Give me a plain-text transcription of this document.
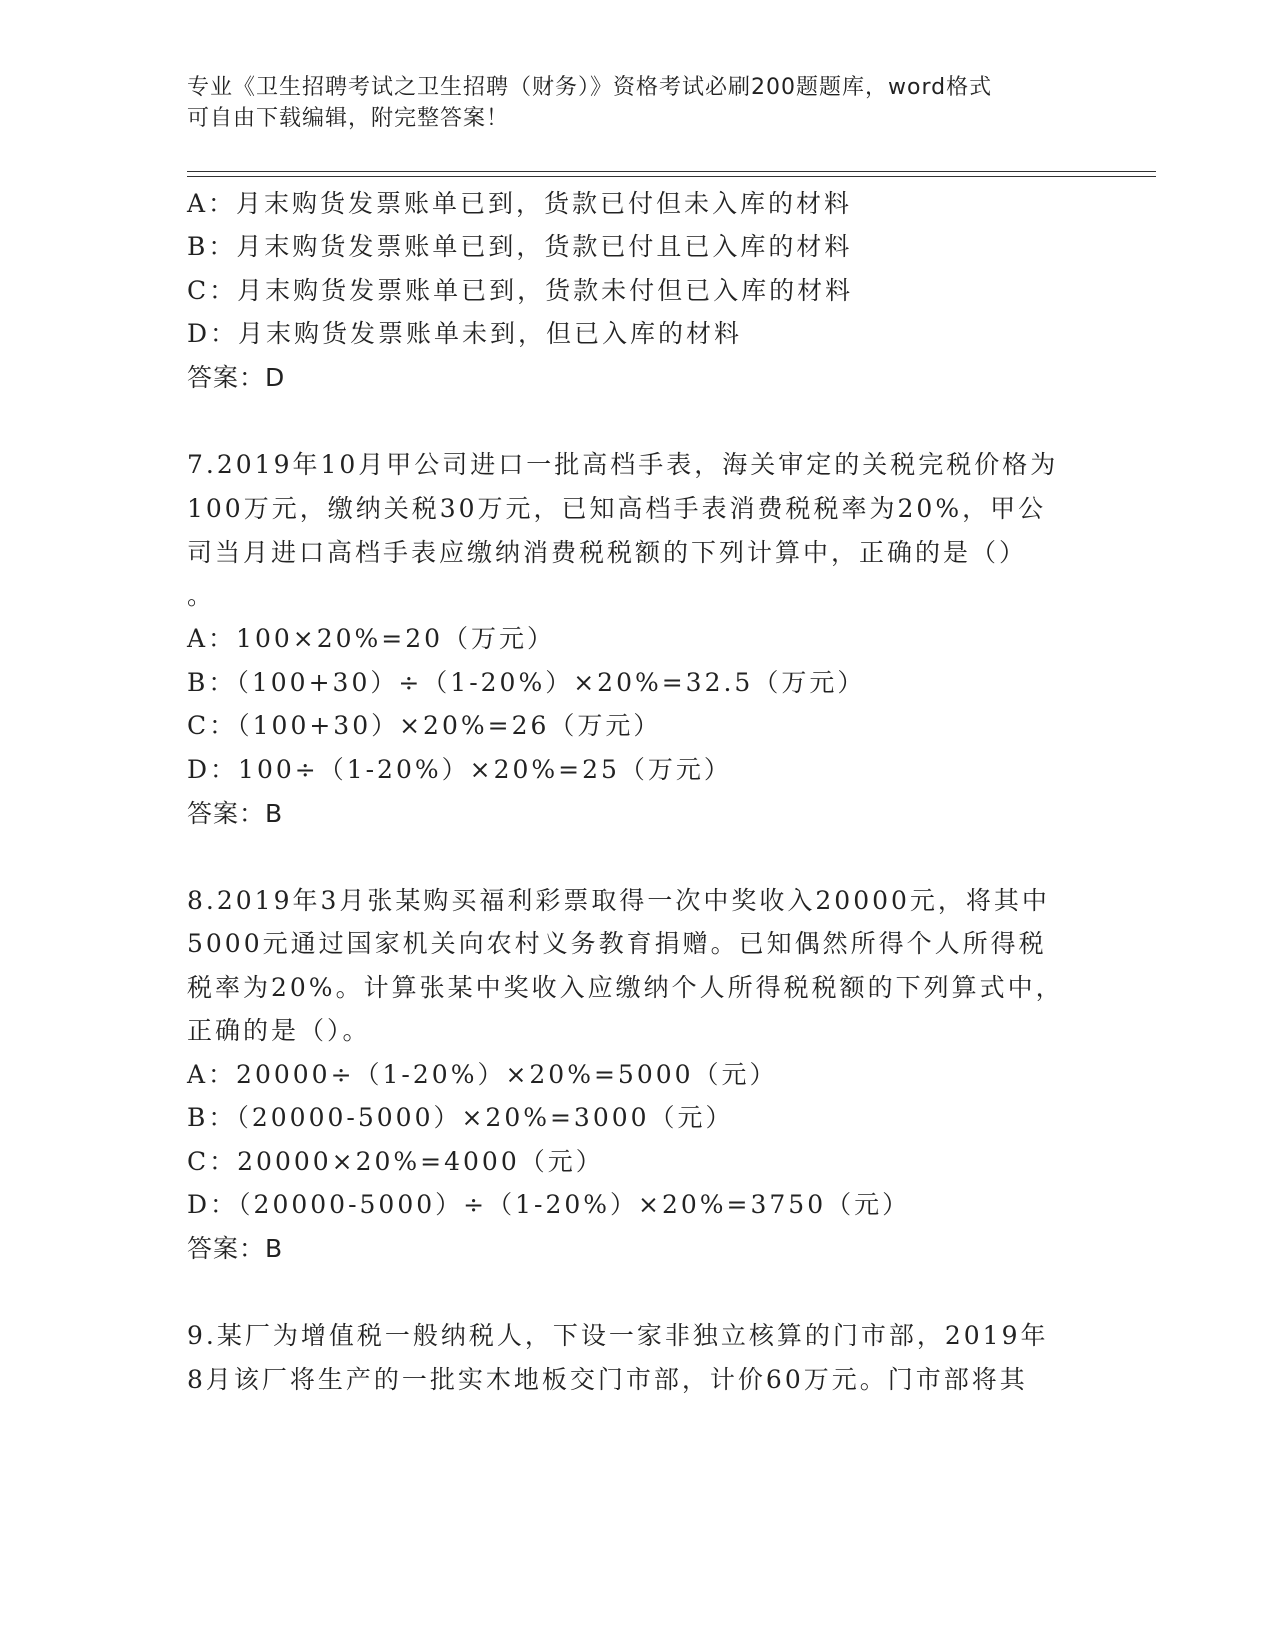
专业《卫生招聘考试之卫生招聘（财务）》资格考试必刷200题题库，word格式
可自由下载编辑，附完整答案！
A：月末购货发票账单已到，货款已付但未入库的材料
B：月末购货发票账单已到，货款已付且已入库的材料
C：月末购货发票账单已到，货款未付但已入库的材料
D：月末购货发票账单未到，但已入库的材料
答案：D
7.2019年10月甲公司进口一批高档手表，海关审定的关税完税价格为
100万元，缴纳关税30万元，已知高档手表消费税税率为20%，甲公
司当月进口高档手表应缴纳消费税税额的下列计算中，正确的是（）
。
A：100×20%=20（万元）
B：（100+30）÷（1-20%）×20%=32.5（万元）
C：（100+30）×20%=26（万元）
D：100÷（1-20%）×20%=25（万元）
答案：B
8.2019年3月张某购买福利彩票取得一次中奖收入20000元，将其中
5000元通过国家机关向农村义务教育捐赠。已知偶然所得个人所得税
税率为20%。计算张某中奖收入应缴纳个人所得税税额的下列算式中，
正确的是（）。
A：20000÷（1-20%）×20%=5000（元）
B：（20000-5000）×20%=3000（元）
C：20000×20%=4000（元）
D：（20000-5000）÷（1-20%）×20%=3750（元）
答案：B
9.某厂为增值税一般纳税人，下设一家非独立核算的门市部，2019年
8月该厂将生产的一批实木地板交门市部，计价60万元。门市部将其
